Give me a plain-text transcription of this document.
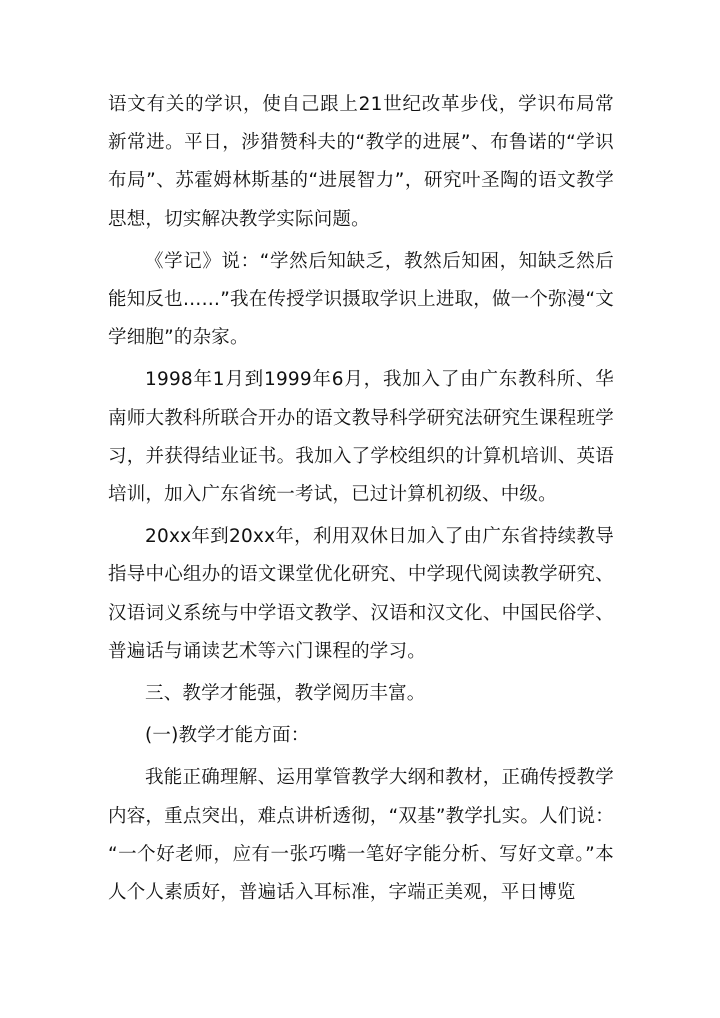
语文有关的学识，使自己跟上21世纪改革步伐，学识布局常新常进。平日，涉猎赞科夫的“教学的进展”、布鲁诺的“学识布局”、苏霍姆林斯基的“进展智力”，研究叶圣陶的语文教学思想，切实解决教学实际问题。

《学记》说：“学然后知缺乏，教然后知困，知缺乏然后能知反也……”我在传授学识摄取学识上进取，做一个弥漫“文学细胞”的杂家。

1998年1月到1999年6月，我加入了由广东教科所、华南师大教科所联合开办的语文教导科学研究法研究生课程班学习，并获得结业证书。我加入了学校组织的计算机培训、英语培训，加入广东省统一考试，已过计算机初级、中级。

20xx年到20xx年，利用双休日加入了由广东省持续教导指导中心组办的语文课堂优化研究、中学现代阅读教学研究、汉语词义系统与中学语文教学、汉语和汉文化、中国民俗学、普遍话与诵读艺术等六门课程的学习。

三、教学才能强，教学阅历丰富。

(一)教学才能方面：

我能正确理解、运用掌管教学大纲和教材，正确传授教学内容，重点突出，难点讲析透彻，“双基”教学扎实。人们说：“一个好老师，应有一张巧嘴一笔好字能分析、写好文章。”本人个人素质好，普遍话入耳标准，字端正美观，平日博览
